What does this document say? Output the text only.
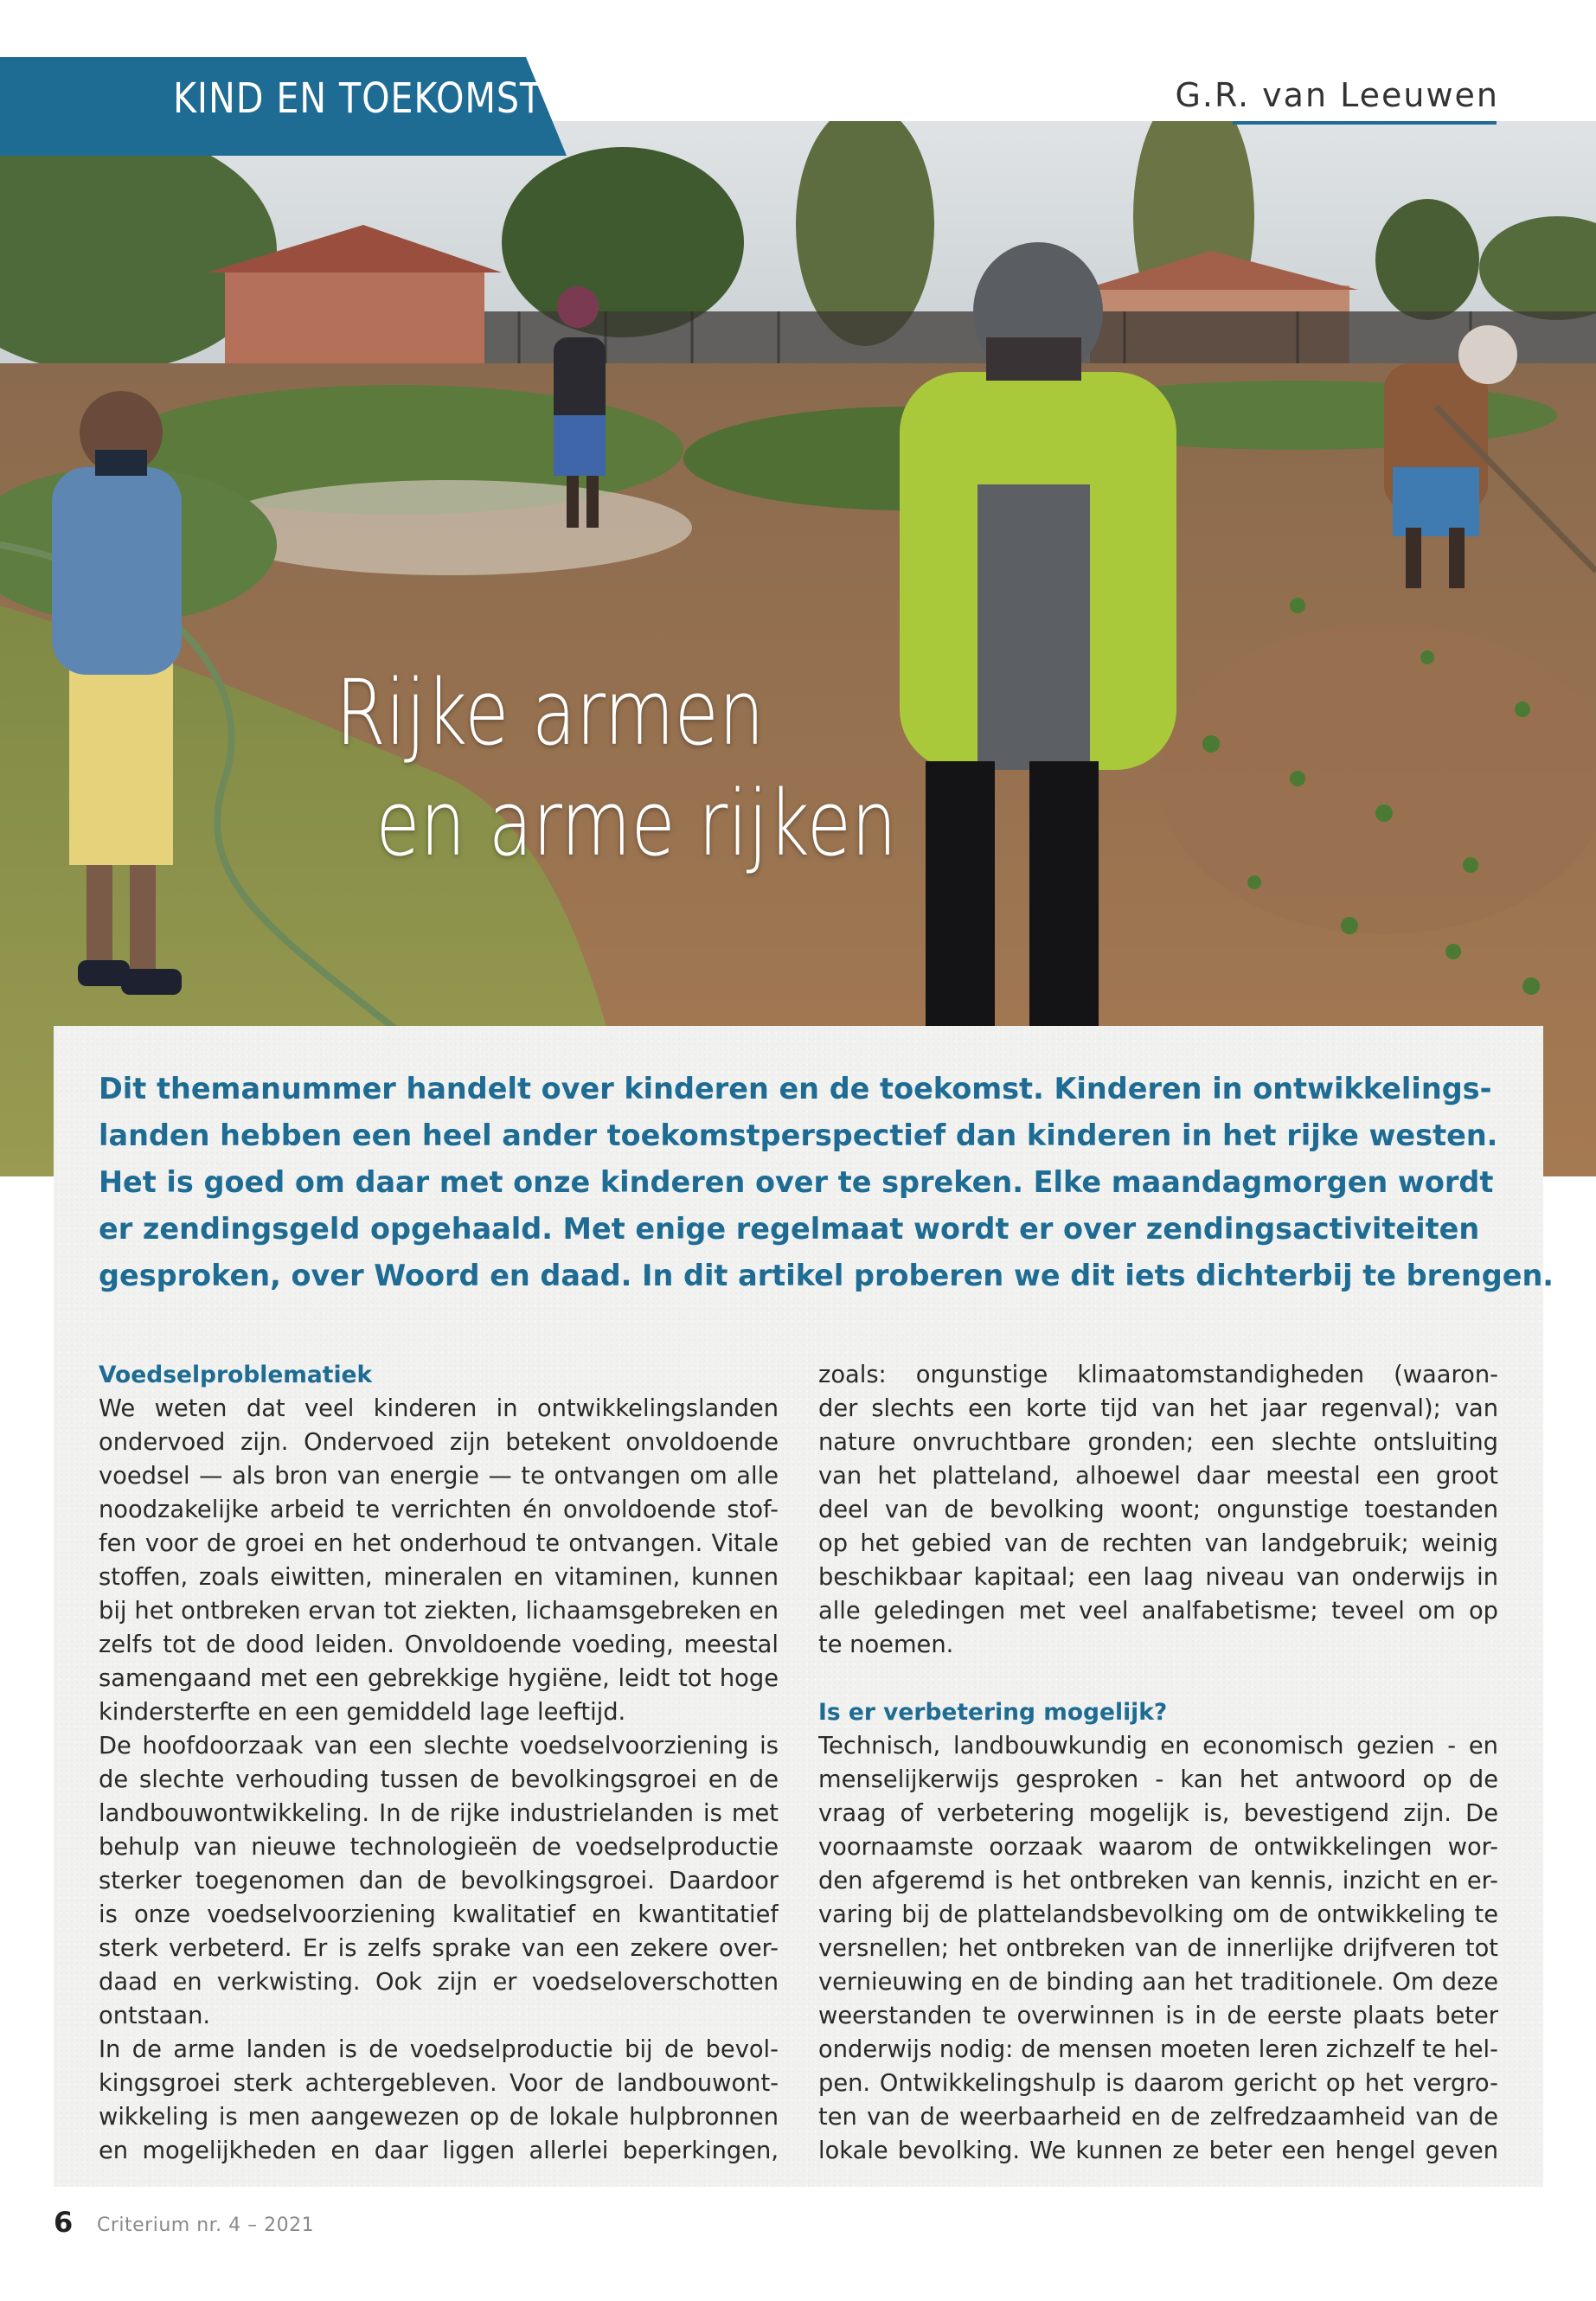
KIND EN TOEKOMST	G.R. van Leeuwen
Rijke armen
en arme rijken
Dit themanummer handelt over kinderen en de toekomst. Kinderen in ontwikkelings-
landen hebben een heel ander toekomstperspectief dan kinderen in het rijke westen.
Het is goed om daar met onze kinderen over te spreken. Elke maandagmorgen wordt
er zendingsgeld opgehaald. Met enige regelmaat wordt er over zendingsactiviteiten
gesproken, over Woord en daad. In dit artikel proberen we dit iets dichterbij te brengen.
Voedselproblematiek
We weten dat veel kinderen in ontwikkelingslanden
ondervoed zijn. Ondervoed zijn betekent onvoldoende
voedsel — als bron van energie — te ontvangen om alle
noodzakelijke arbeid te verrichten én onvoldoende stof-
fen voor de groei en het onderhoud te ontvangen. Vitale
stoffen, zoals eiwitten, mineralen en vitaminen, kunnen
bij het ontbreken ervan tot ziekten, lichaamsgebreken en
zelfs tot de dood leiden. Onvoldoende voeding, meestal
samengaand met een gebrekkige hygiëne, leidt tot hoge
kindersterfte en een gemiddeld lage leeftijd.
De hoofdoorzaak van een slechte voedselvoorziening is
de slechte verhouding tussen de bevolkingsgroei en de
landbouwontwikkeling. In de rijke industrielanden is met
behulp van nieuwe technologieën de voedselproductie
sterker toegenomen dan de bevolkingsgroei. Daardoor
is onze voedselvoorziening kwalitatief en kwantitatief
sterk verbeterd. Er is zelfs sprake van een zekere over-
daad en verkwisting. Ook zijn er voedseloverschotten
ontstaan.
In de arme landen is de voedselproductie bij de bevol-
kingsgroei sterk achtergebleven. Voor de landbouwont-
wikkeling is men aangewezen op de lokale hulpbronnen
en mogelijkheden en daar liggen allerlei beperkingen,
zoals: ongunstige klimaatomstandigheden (waaron-
der slechts een korte tijd van het jaar regenval); van
nature onvruchtbare gronden; een slechte ontsluiting
van het platteland, alhoewel daar meestal een groot
deel van de bevolking woont; ongunstige toestanden
op het gebied van de rechten van landgebruik; weinig
beschikbaar kapitaal; een laag niveau van onderwijs in
alle geledingen met veel analfabetisme; teveel om op
te noemen.
Is er verbetering mogelijk?
Technisch, landbouwkundig en economisch gezien - en
menselijkerwijs gesproken - kan het antwoord op de
vraag of verbetering mogelijk is, bevestigend zijn. De
voornaamste oorzaak waarom de ontwikkelingen wor-
den afgeremd is het ontbreken van kennis, inzicht en er-
varing bij de plattelandsbevolking om de ontwikkeling te
versnellen; het ontbreken van de innerlijke drijfveren tot
vernieuwing en de binding aan het traditionele. Om deze
weerstanden te overwinnen is in de eerste plaats beter
onderwijs nodig: de mensen moeten leren zichzelf te hel-
pen. Ontwikkelingshulp is daarom gericht op het vergro-
ten van de weerbaarheid en de zelfredzaamheid van de
lokale bevolking. We kunnen ze beter een hengel geven
6 Criterium nr. 4 – 2021
